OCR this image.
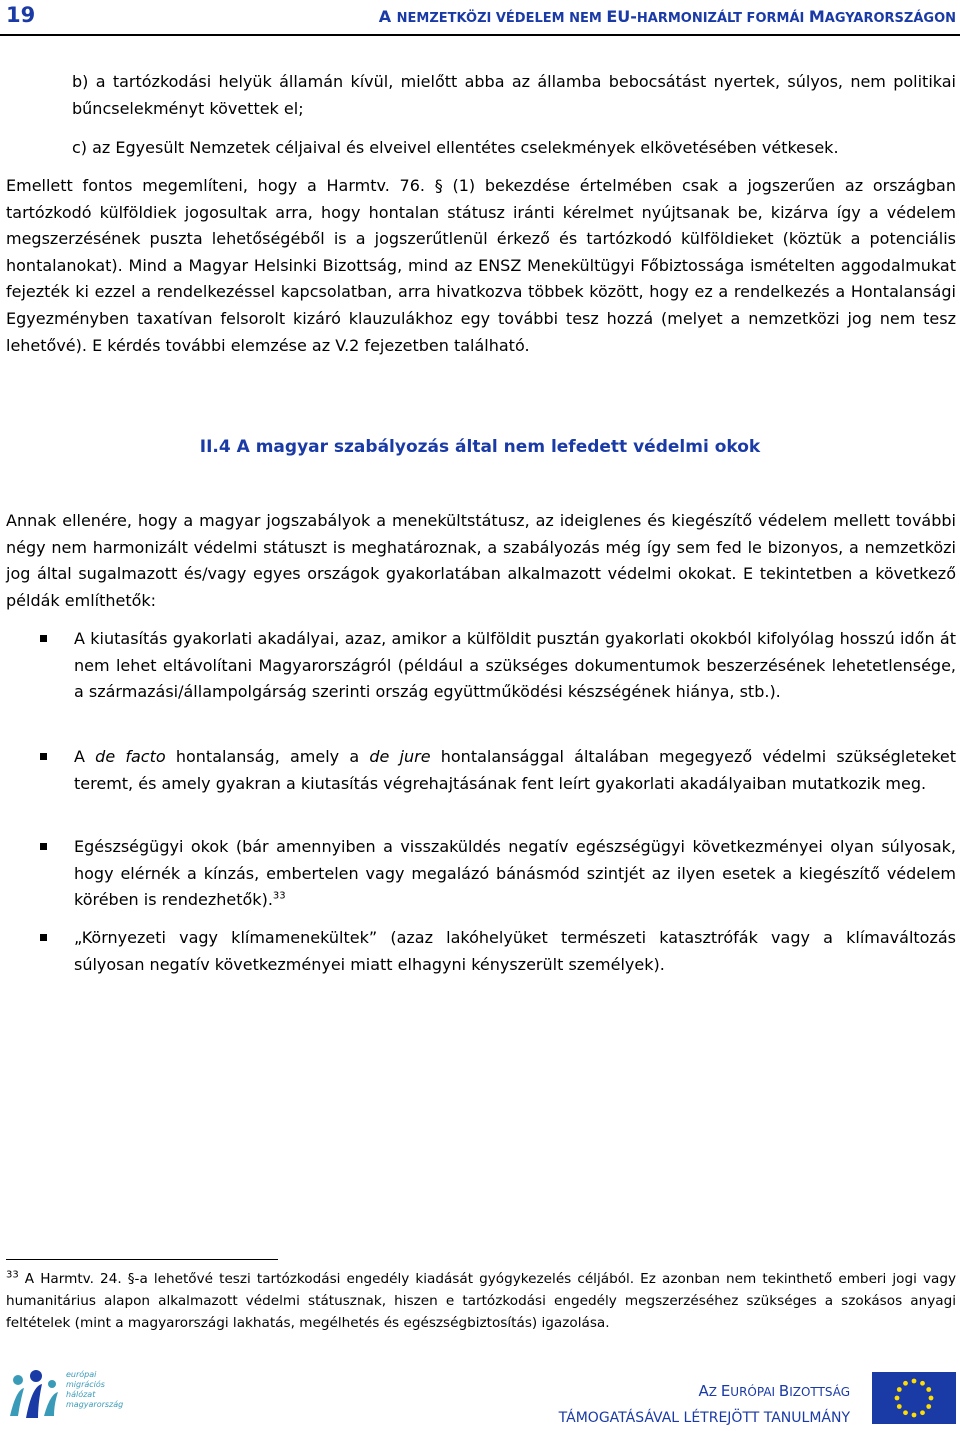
19	A NEMZETKÖZI VÉDELEM NEM EU-HARMONIZÁLT FORMÁI MAGYARORSZÁGON

b) a tartózkodási helyük államán kívül, mielőtt abba az államba bebocsátást nyertek, súlyos, nem politikai bűncselekményt követtek el;

c) az Egyesült Nemzetek céljaival és elveivel ellentétes cselekmények elkövetésében vétkesek.

Emellett fontos megemlíteni, hogy a Harmtv. 76. § (1) bekezdése értelmében csak a jogszerűen az országban tartózkodó külföldiek jogosultak arra, hogy hontalan státusz iránti kérelmet nyújtsanak be, kizárva így a védelem megszerzésének puszta lehetőségéből is a jogszerűtlenül érkező és tartózkodó külföldieket (köztük a potenciális hontalanokat). Mind a Magyar Helsinki Bizottság, mind az ENSZ Menekültügyi Főbiztossága ismételten aggodalmukat fejezték ki ezzel a rendelkezéssel kapcsolatban, arra hivatkozva többek között, hogy ez a rendelkezés a Hontalansági Egyezményben taxatívan felsorolt kizáró klauzulákhoz egy további tesz hozzá (melyet a nemzetközi jog nem tesz lehetővé). E kérdés további elemzése az V.2 fejezetben található.

II.4 A magyar szabályozás által nem lefedett védelmi okok

Annak ellenére, hogy a magyar jogszabályok a menekültstátusz, az ideiglenes és kiegészítő védelem mellett további négy nem harmonizált védelmi státuszt is meghatároznak, a szabályozás még így sem fed le bizonyos, a nemzetközi jog által sugalmazott és/vagy egyes országok gyakorlatában alkalmazott védelmi okokat. E tekintetben a következő példák említhetők:

A kiutasítás gyakorlati akadályai, azaz, amikor a külföldit pusztán gyakorlati okokból kifolyólag hosszú időn át nem lehet eltávolítani Magyarországról (például a szükséges dokumentumok beszerzésének lehetetlensége, a származási/állampolgárság szerinti ország együttműködési készségének hiánya, stb.).

A de facto hontalanság, amely a de jure hontalansággal általában megegyező védelmi szükségleteket teremt, és amely gyakran a kiutasítás végrehajtásának fent leírt gyakorlati akadályaiban mutatkozik meg.

Egészségügyi okok (bár amennyiben a visszaküldés negatív egészségügyi következményei olyan súlyosak, hogy elérnék a kínzás, embertelen vagy megalázó bánásmód szintjét az ilyen esetek a kiegészítő védelem körében is rendezhetők).$^{33}$

„Környezeti vagy klímamenekültek” (azaz lakóhelyüket természeti katasztrófák vagy a klímaváltozás súlyosan negatív következményei miatt elhagyni kényszerült személyek).

$^{33}$ A Harmtv. 24. §-a lehetővé teszi tartózkodási engedély kiadását gyógykezelés céljából. Ez azonban nem tekinthető emberi jogi vagy humanitárius alapon alkalmazott védelmi státusznak, hiszen e tartózkodási engedély megszerzéséhez szükséges a szokásos anyagi feltételek (mint a magyarországi lakhatás, megélhetés és egészségbiztosítás) igazolása.

európai
migrációs hálózat
magyarország
AZ EURÓPAI BIZOTTSÁG
TÁMOGATÁSÁVAL LÉTREJÖTT TANULMÁNY
